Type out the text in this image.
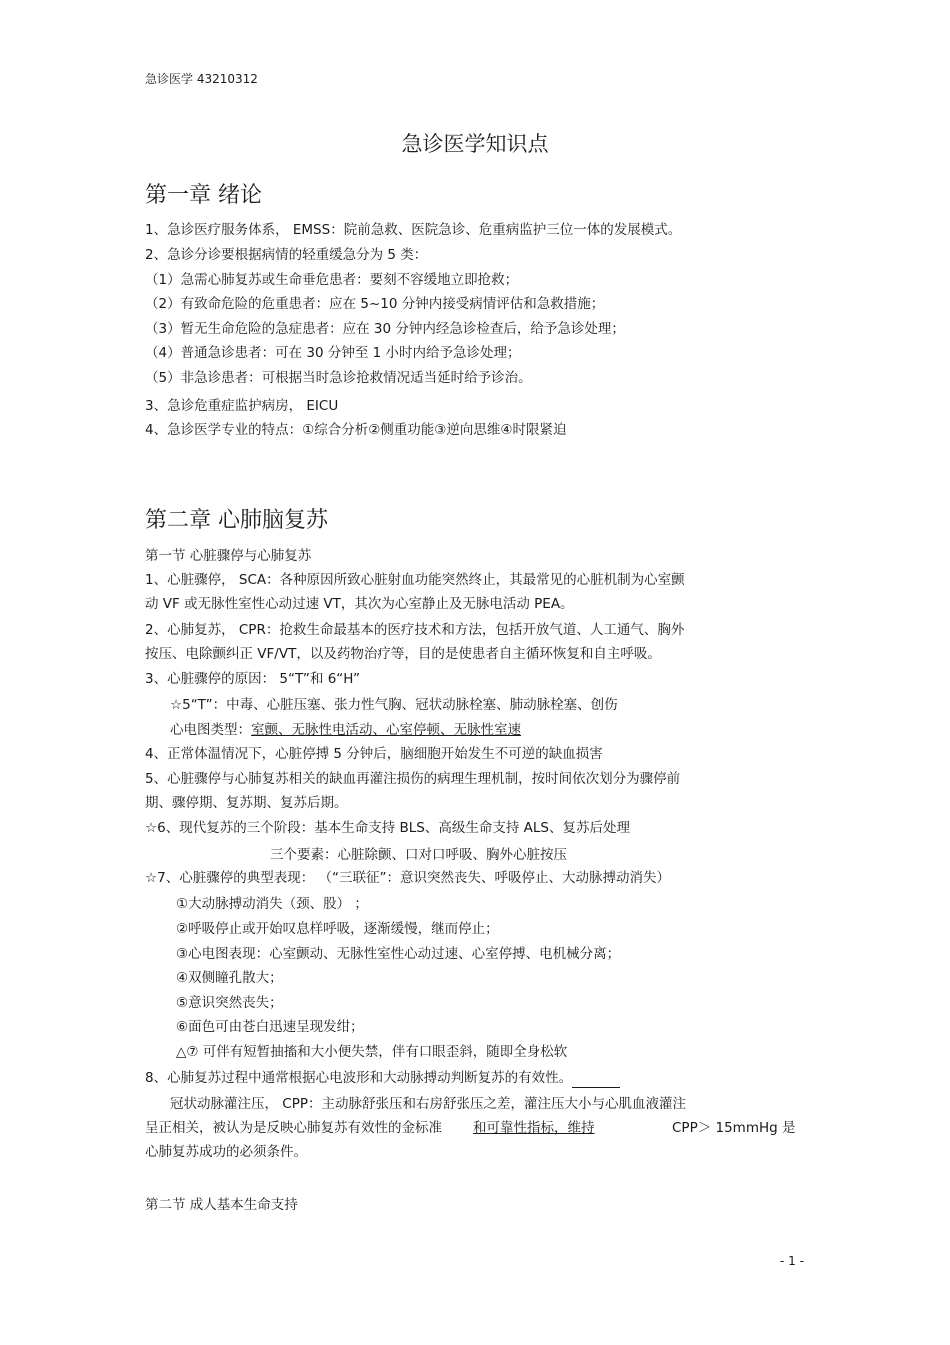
急诊医学 43210312
急诊医学知识点
第一章 绪论
1、急诊医疗服务体系， EMSS：院前急救、医院急诊、危重病监护三位一体的发展模式。
2、急诊分诊要根据病情的轻重缓急分为 5 类：
（1）急需心肺复苏或生命垂危患者：要刻不容缓地立即抢救；
（2）有致命危险的危重患者：应在 5~10 分钟内接受病情评估和急救措施；
（3）暂无生命危险的急症患者：应在 30 分钟内经急诊检查后，给予急诊处理；
（4）普通急诊患者：可在 30 分钟至 1 小时内给予急诊处理；
（5）非急诊患者：可根据当时急诊抢救情况适当延时给予诊治。
3、急诊危重症监护病房， EICU
4、急诊医学专业的特点：①综合分析②侧重功能③逆向思维④时限紧迫
第二章 心肺脑复苏
第一节 心脏骤停与心肺复苏
1、心脏骤停， SCA：各种原因所致心脏射血功能突然终止，其最常见的心脏机制为心室颤
动 VF 或无脉性室性心动过速 VT，其次为心室静止及无脉电活动 PEA。
2、心肺复苏， CPR：抢救生命最基本的医疗技术和方法，包括开放气道、人工通气、胸外
按压、电除颤纠正 VF/VT，以及药物治疗等，目的是使患者自主循环恢复和自主呼吸。
3、心脏骤停的原因： 5“T”和 6“H”
☆5“T”：中毒、心脏压塞、张力性气胸、冠状动脉栓塞、肺动脉栓塞、创伤
心电图类型：室颤、无脉性电活动、心室停顿、无脉性室速
4、正常体温情况下，心脏停搏 5 分钟后，脑细胞开始发生不可逆的缺血损害
5、心脏骤停与心肺复苏相关的缺血再灌注损伤的病理生理机制，按时间依次划分为骤停前
期、骤停期、复苏期、复苏后期。
☆6、现代复苏的三个阶段：基本生命支持 BLS、高级生命支持 ALS、复苏后处理
三个要素：心脏除颤、口对口呼吸、胸外心脏按压
☆7、心脏骤停的典型表现： （“三联征”：意识突然丧失、呼吸停止、大动脉搏动消失）
①大动脉搏动消失（颈、股） ；
②呼吸停止或开始叹息样呼吸，逐渐缓慢，继而停止；
③心电图表现：心室颤动、无脉性室性心动过速、心室停搏、电机械分离；
④双侧瞳孔散大；
⑤意识突然丧失；
⑥面色可由苍白迅速呈现发绀；
△⑦ 可伴有短暂抽搐和大小便失禁，伴有口眼歪斜，随即全身松软
8、心肺复苏过程中通常根据心电波形和大动脉搏动判断复苏的有效性。
冠状动脉灌注压， CPP：主动脉舒张压和右房舒张压之差，灌注压大小与心肌血液灌注
呈正相关，被认为是反映心肺复苏有效性的金标准 和可靠性指标，维持	CPP＞ 15mmHg 是
心肺复苏成功的必须条件。
第二节 成人基本生命支持
- 1 -
